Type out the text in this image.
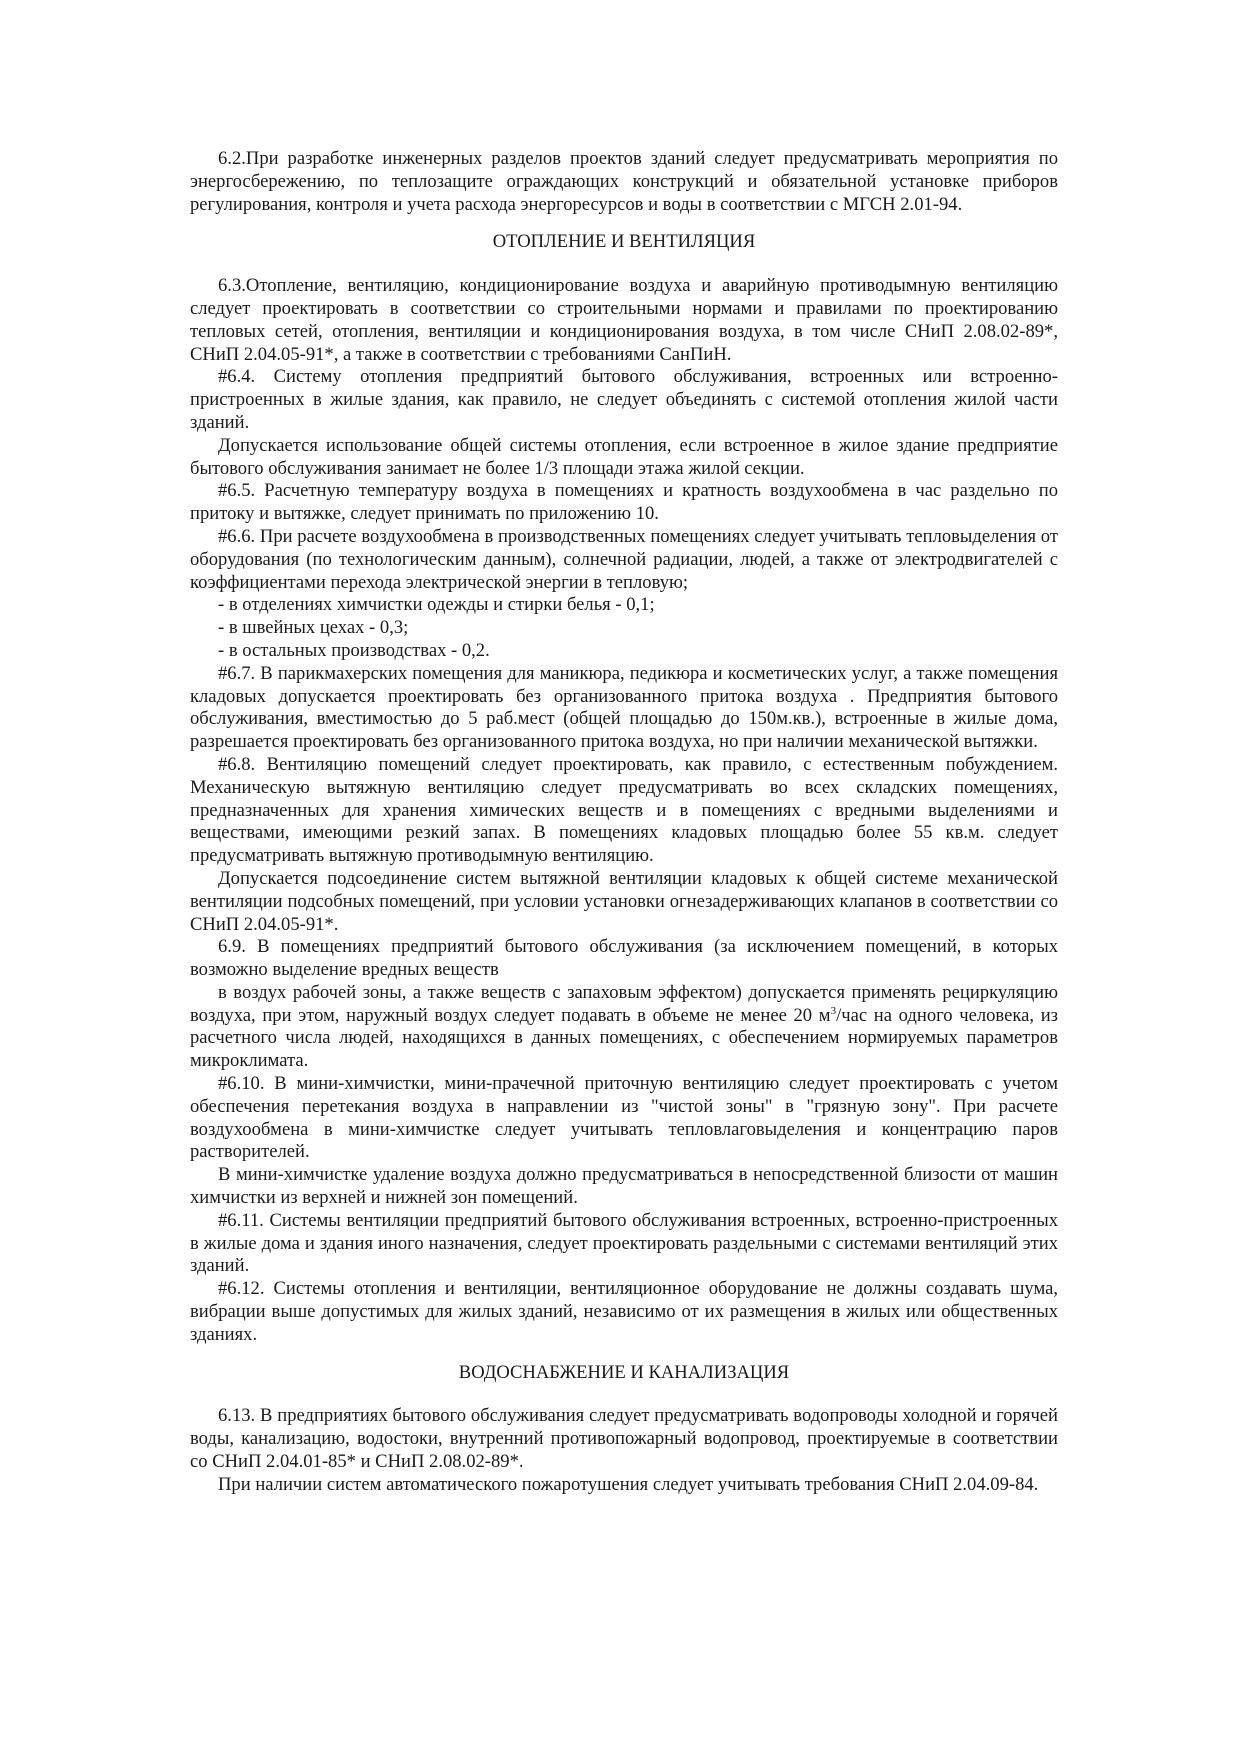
6.2.При разработке инженерных разделов проектов зданий следует предусматривать мероприятия по энергосбережению, по теплозащите ограждающих конструкций и обязательной установке приборов регулирования, контроля и учета расхода энергоресурсов и воды в соответствии с МГСН 2.01-94.

ОТОПЛЕНИЕ И ВЕНТИЛЯЦИЯ

6.3.Отопление, вентиляцию, кондиционирование воздуха и аварийную противодымную вентиляцию следует проектировать в соответствии со строительными нормами и правилами по проектированию тепловых сетей, отопления, вентиляции и кондиционирования воздуха, в том числе СНиП 2.08.02-89*, СНиП 2.04.05-91*, а также в соответствии с требованиями СанПиН.

#6.4. Систему отопления предприятий бытового обслуживания, встроенных или встроенно-пристроенных в жилые здания, как правило, не следует объединять с системой отопления жилой части зданий.

Допускается использование общей системы отопления, если встроенное в жилое здание предприятие бытового обслуживания занимает не более 1/3 площади этажа жилой секции.

#6.5. Расчетную температуру воздуха в помещениях и кратность воздухообмена в час раздельно по притоку и вытяжке, следует принимать по приложению 10.

#6.6. При расчете воздухообмена в производственных помещениях следует учитывать тепловыделения от оборудования (по технологическим данным), солнечной радиации, людей, а также от электродвигателей с коэффициентами перехода электрической энергии в тепловую;

- в отделениях химчистки одежды и стирки белья - 0,1;

- в швейных цехах - 0,3;

- в остальных производствах - 0,2.

#6.7. В парикмахерских помещения для маникюра, педикюра и косметических услуг, а также помещения кладовых допускается проектировать без организованного притока воздуха . Предприятия бытового обслуживания, вместимостью до 5 раб.мест (общей площадью до 150м.кв.), встроенные в жилые дома, разрешается проектировать без организованного притока воздуха, но при наличии механической вытяжки.

#6.8. Вентиляцию помещений следует проектировать, как правило, с естественным побуждением. Механическую вытяжную вентиляцию следует предусматривать во всех складских помещениях, предназначенных для хранения химических веществ и в помещениях с вредными выделениями и веществами, имеющими резкий запах. В помещениях кладовых площадью более 55 кв.м. следует предусматривать вытяжную противодымную вентиляцию.

Допускается подсоединение систем вытяжной вентиляции кладовых к общей системе механической вентиляции подсобных помещений, при условии установки огнезадерживающих клапанов в соответствии со СНиП 2.04.05-91*.

6.9. В помещениях предприятий бытового обслуживания (за исключением помещений, в которых возможно выделение вредных веществ

в воздух рабочей зоны, а также веществ с запаховым эффектом) допускается применять рециркуляцию воздуха, при этом, наружный воздух следует подавать в объеме не менее 20 $м^3$/час на одного человека, из расчетного числа людей, находящихся в данных помещениях, с обеспечением нормируемых параметров микроклимата.

#6.10. В мини-химчистки, мини-прачечной приточную вентиляцию следует проектировать с учетом обеспечения перетекания воздуха в направлении из "чистой зоны" в "грязную зону". При расчете воздухообмена в мини-химчистке следует учитывать тепловлаговыделения и концентрацию паров растворителей.

В мини-химчистке удаление воздуха должно предусматриваться в непосредственной близости от машин химчистки из верхней и нижней зон помещений.

#6.11. Системы вентиляции предприятий бытового обслуживания встроенных, встроенно-пристроенных в жилые дома и здания иного назначения, следует проектировать раздельными с системами вентиляций этих зданий.

#6.12. Системы отопления и вентиляции, вентиляционное оборудование не должны создавать шума, вибрации выше допустимых для жилых зданий, независимо от их размещения в жилых или общественных зданиях.

ВОДОСНАБЖЕНИЕ И КАНАЛИЗАЦИЯ

6.13. В предприятиях бытового обслуживания следует предусматривать водопроводы холодной и горячей воды, канализацию, водостоки, внутренний противопожарный водопровод, проектируемые в соответствии со СНиП 2.04.01-85* и СНиП 2.08.02-89*.

При наличии систем автоматического пожаротушения следует учитывать требования СНиП 2.04.09-84.
